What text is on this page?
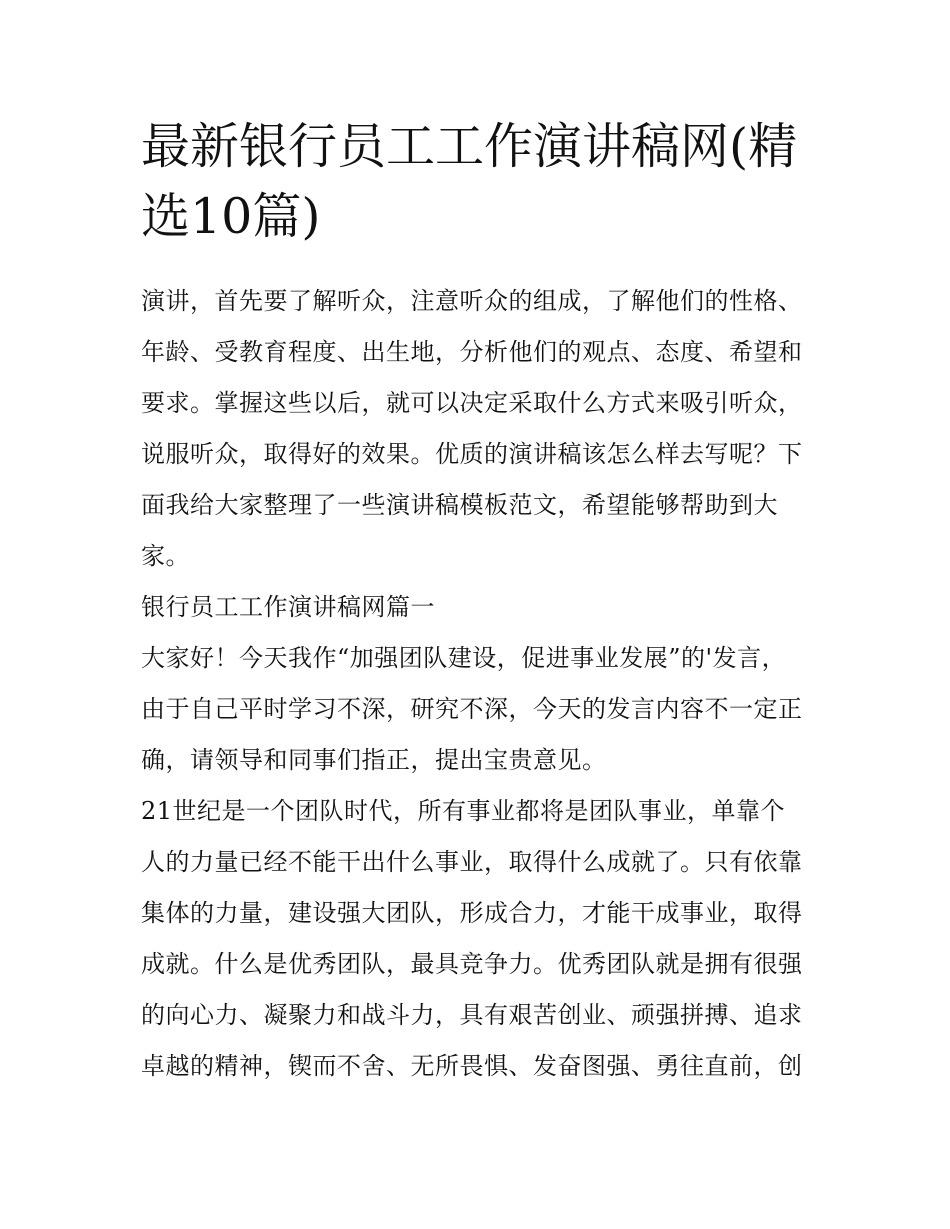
最新银行员工工作演讲稿网(精
选10篇)

演讲，首先要了解听众，注意听众的组成，了解他们的性格、

年龄、受教育程度、出生地，分析他们的观点、态度、希望和

要求。掌握这些以后，就可以决定采取什么方式来吸引听众，

说服听众，取得好的效果。优质的演讲稿该怎么样去写呢？下

面我给大家整理了一些演讲稿模板范文，希望能够帮助到大

家。

银行员工工作演讲稿网篇一

大家好！今天我作“加强团队建设，促进事业发展”的'发言，

由于自己平时学习不深，研究不深，今天的发言内容不一定正

确，请领导和同事们指正，提出宝贵意见。

21世纪是一个团队时代，所有事业都将是团队事业，单靠个

人的力量已经不能干出什么事业，取得什么成就了。只有依靠

集体的力量，建设强大团队，形成合力，才能干成事业，取得

成就。什么是优秀团队，最具竞争力。优秀团队就是拥有很强

的向心力、凝聚力和战斗力，具有艰苦创业、顽强拼搏、追求

卓越的精神，锲而不舍、无所畏惧、发奋图强、勇往直前，创
